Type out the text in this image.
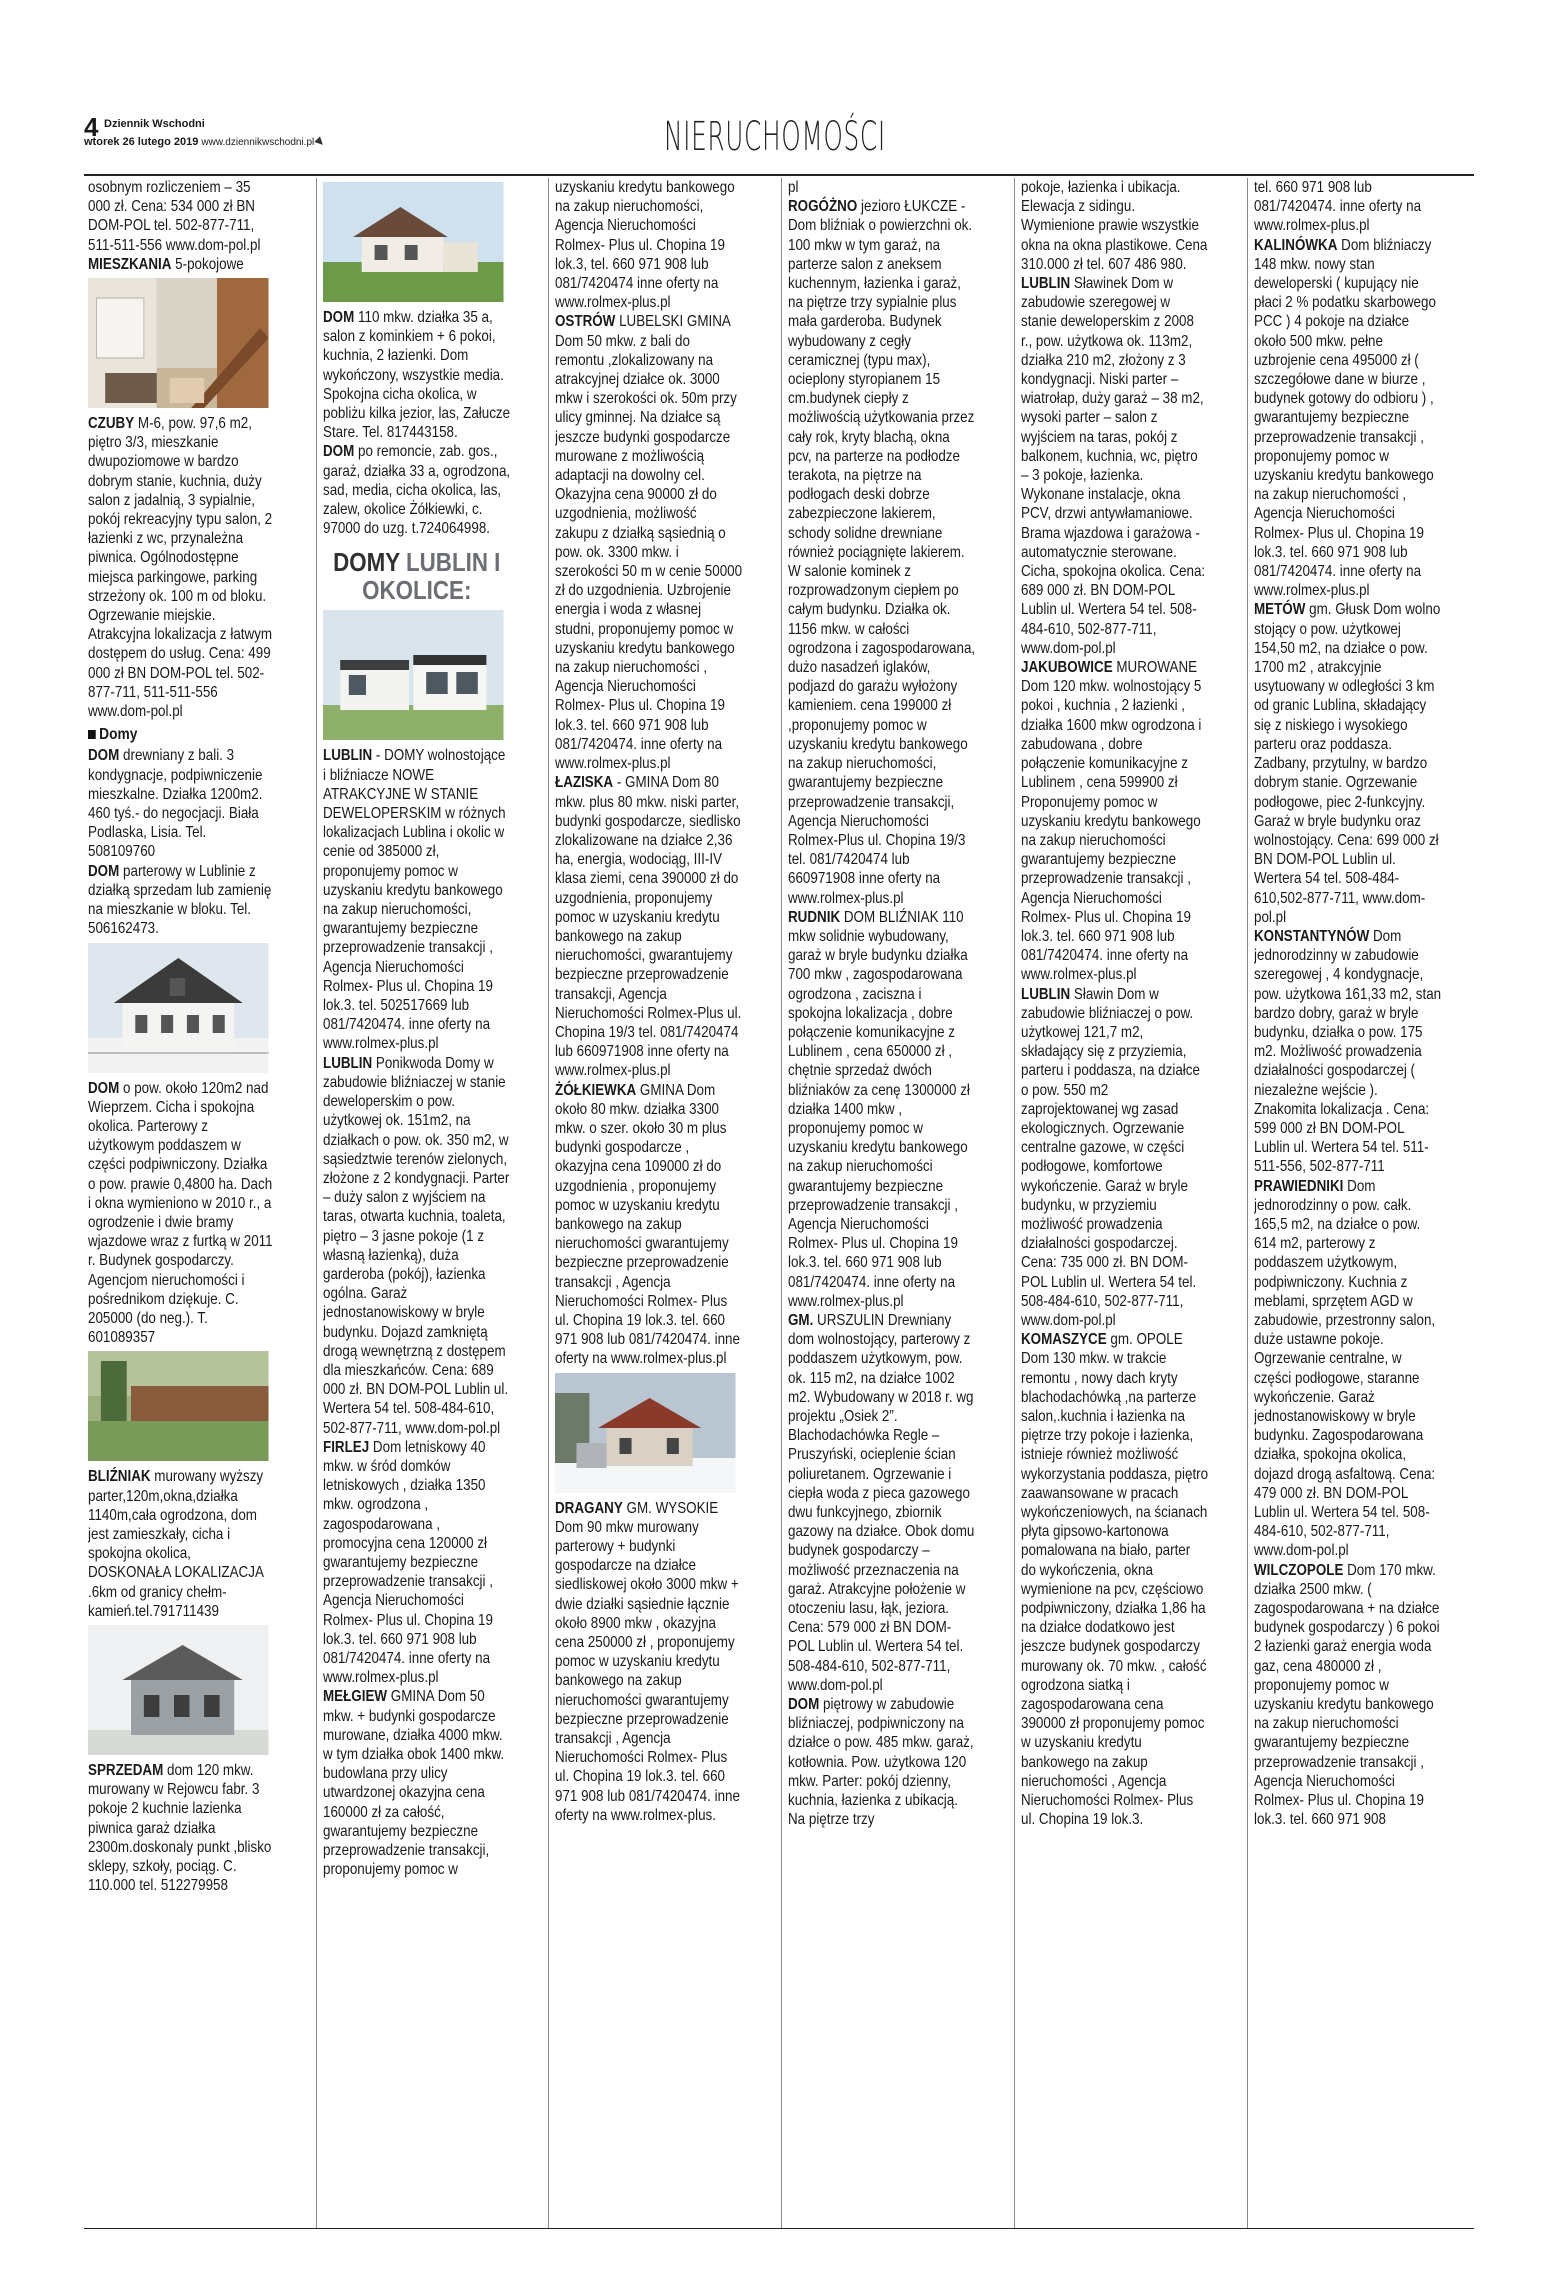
4 Dziennik Wschodni
wtorek 26 lutego 2019 www.dziennikwschodni.pl	NIERUCHOMOŚCI

osobnym rozliczeniem – 35 000 zł. Cena: 534 000 zł BN DOM-POL tel. 502-877-711, 511-511-556 www.dom-pol.pl

MIESZKANIA 5-pokojowe

CZUBY M-6, pow. 97,6 m2, piętro 3/3, mieszkanie dwupoziomowe w bardzo dobrym stanie, kuchnia, duży salon z jadalnią, 3 sypialnie, pokój rekreacyjny typu salon, 2 łazienki z wc, przynależna piwnica. Ogólnodostępne miejsca parkingowe, parking strzeżony ok. 100 m od bloku. Ogrzewanie miejskie. Atrakcyjna lokalizacja z łatwym dostępem do usług. Cena: 499 000 zł BN DOM-POL tel. 502-877-711, 511-511-556 www.dom-pol.pl

Domy

DOM drewniany z bali. 3 kondygnacje, podpiwniczenie mieszkalne. Działka 1200m2. 460 tyś.- do negocjacji. Biała Podlaska, Lisia. Tel. 508109760

DOM parterowy w Lublinie z działką sprzedam lub zamienię na mieszkanie w bloku. Tel. 506162473.

DOM o pow. około 120m2 nad Wieprzem. Cicha i spokojna okolica. Parterowy z użytkowym poddaszem w części podpiwniczony. Działka o pow. prawie 0,4800 ha. Dach i okna wymieniono w 2010 r., a ogrodzenie i dwie bramy wjazdowe wraz z furtką w 2011 r. Budynek gospodarczy. Agencjom nieruchomości i pośrednikom dziękuje. C. 205000 (do neg.). T. 601089357

BLIŹNIAK murowany wyższy parter,120m,okna,działka 1140m,cała ogrodzona, dom jest zamieszkały, cicha i spokojna okolica, DOSKONAŁA LOKALIZACJA .6km od granicy chełm-kamień.tel.791711439

SPRZEDAM dom 120 mkw. murowany w Rejowcu fabr. 3 pokoje 2 kuchnie lazienka piwnica garaż działka 2300m.doskonaly punkt ,blisko sklepy, szkoły, pociąg. C. 110.000 tel. 512279958

DOM 110 mkw. działka 35 a, salon z kominkiem + 6 pokoi, kuchnia, 2 łazienki. Dom wykończony, wszystkie media. Spokojna cicha okolica, w pobliżu kilka jezior, las, Załucze Stare. Tel. 817443158.

DOM po remoncie, zab. gos., garaż, działka 33 a, ogrodzona, sad, media, cicha okolica, las, zalew, okolice Żółkiewki, c. 97000 do uzg. t.724064998.

DOMY LUBLIN I OKOLICE:

LUBLIN - DOMY wolnostojące i bliźniacze NOWE ATRAKCYJNE W STANIE DEWELOPERSKIM w różnych lokalizacjach Lublina i okolic w cenie od 385000 zł, proponujemy pomoc w uzyskaniu kredytu bankowego na zakup nieruchomości, gwarantujemy bezpieczne przeprowadzenie transakcji , Agencja Nieruchomości Rolmex- Plus ul. Chopina 19 lok.3. tel. 502517669 lub 081/7420474. inne oferty na www.rolmex-plus.pl

LUBLIN Ponikwoda Domy w zabudowie bliźniaczej w stanie deweloperskim o pow. użytkowej ok. 151m2, na działkach o pow. ok. 350 m2, w sąsiedztwie terenów zielonych, złożone z 2 kondygnacji. Parter – duży salon z wyjściem na taras, otwarta kuchnia, toaleta, piętro – 3 jasne pokoje (1 z własną łazienką), duża garderoba (pokój), łazienka ogólna. Garaż jednostanowiskowy w bryle budynku. Dojazd zamkniętą drogą wewnętrzną z dostępem dla mieszkańców. Cena: 689 000 zł. BN DOM-POL Lublin ul. Wertera 54 tel. 508-484-610, 502-877-711, www.dom-pol.pl

FIRLEJ Dom letniskowy 40 mkw. w śród domków letniskowych , działka 1350 mkw. ogrodzona , zagospodarowana , promocyjna cena 120000 zł gwarantujemy bezpieczne przeprowadzenie transakcji , Agencja Nieruchomości Rolmex- Plus ul. Chopina 19 lok.3. tel. 660 971 908 lub 081/7420474. inne oferty na www.rolmex-plus.pl

MEŁGIEW GMINA Dom 50 mkw. + budynki gospodarcze murowane, działka 4000 mkw. w tym działka obok 1400 mkw. budowlana przy ulicy utwardzonej okazyjna cena 160000 zł za całość, gwarantujemy bezpieczne przeprowadzenie transakcji, proponujemy pomoc w

uzyskaniu kredytu bankowego na zakup nieruchomości, Agencja Nieruchomości Rolmex- Plus ul. Chopina 19 lok.3, tel. 660 971 908 lub 081/7420474 inne oferty na www.rolmex-plus.pl

OSTRÓW LUBELSKI GMINA Dom 50 mkw. z bali do remontu ,zlokalizowany na atrakcyjnej działce ok. 3000 mkw i szerokości ok. 50m przy ulicy gminnej. Na działce są jeszcze budynki gospodarcze murowane z możliwością adaptacji na dowolny cel. Okazyjna cena 90000 zł do uzgodnienia, możliwość zakupu z działką sąsiednią o pow. ok. 3300 mkw. i szerokości 50 m w cenie 50000 zł do uzgodnienia. Uzbrojenie energia i woda z własnej studni, proponujemy pomoc w uzyskaniu kredytu bankowego na zakup nieruchomości , Agencja Nieruchomości Rolmex- Plus ul. Chopina 19 lok.3. tel. 660 971 908 lub 081/7420474. inne oferty na www.rolmex-plus.pl

ŁAZISKA - GMINA Dom 80 mkw. plus 80 mkw. niski parter, budynki gospodarcze, siedlisko zlokalizowane na działce 2,36 ha, energia, wodociąg, III-IV klasa ziemi, cena 390000 zł do uzgodnienia, proponujemy pomoc w uzyskaniu kredytu bankowego na zakup nieruchomości, gwarantujemy bezpieczne przeprowadzenie transakcji, Agencja Nieruchomości Rolmex-Plus ul. Chopina 19/3 tel. 081/7420474 lub 660971908 inne oferty na www.rolmex-plus.pl

ŻÓŁKIEWKA GMINA Dom około 80 mkw. działka 3300 mkw. o szer. około 30 m plus budynki gospodarcze , okazyjna cena 109000 zł do uzgodnienia , proponujemy pomoc w uzyskaniu kredytu bankowego na zakup nieruchomości gwarantujemy bezpieczne przeprowadzenie transakcji , Agencja Nieruchomości Rolmex- Plus ul. Chopina 19 lok.3. tel. 660 971 908 lub 081/7420474. inne oferty na www.rolmex-plus.pl

DRAGANY GM. WYSOKIE Dom 90 mkw murowany parterowy + budynki gospodarcze na działce siedliskowej około 3000 mkw + dwie działki sąsiednie łącznie około 8900 mkw , okazyjna cena 250000 zł , proponujemy pomoc w uzyskaniu kredytu bankowego na zakup nieruchomości gwarantujemy bezpieczne przeprowadzenie transakcji , Agencja Nieruchomości Rolmex- Plus ul. Chopina 19 lok.3. tel. 660 971 908 lub 081/7420474. inne oferty na www.rolmex-plus.

pl

ROGÓŻNO jezioro ŁUKCZE - Dom bliźniak o powierzchni ok. 100 mkw w tym garaż, na parterze salon z aneksem kuchennym, łazienka i garaż, na piętrze trzy sypialnie plus mała garderoba. Budynek wybudowany z cegły ceramicznej (typu max), ocieplony styropianem 15 cm.budynek ciepły z możliwością użytkowania przez cały rok, kryty blachą, okna pcv, na parterze na podłodze terakota, na piętrze na podłogach deski dobrze zabezpieczone lakierem, schody solidne drewniane również pociągnięte lakierem. W salonie kominek z rozprowadzonym ciepłem po całym budynku. Działka ok. 1156 mkw. w całości ogrodzona i zagospodarowana, dużo nasadzeń iglaków, podjazd do garażu wyłożony kamieniem. cena 199000 zł ,proponujemy pomoc w uzyskaniu kredytu bankowego na zakup nieruchomości, gwarantujemy bezpieczne przeprowadzenie transakcji, Agencja Nieruchomości Rolmex-Plus ul. Chopina 19/3 tel. 081/7420474 lub 660971908 inne oferty na www.rolmex-plus.pl

RUDNIK DOM BLIŹNIAK 110 mkw solidnie wybudowany, garaż w bryle budynku działka 700 mkw , zagospodarowana ogrodzona , zaciszna i spokojna lokalizacja , dobre połączenie komunikacyjne z Lublinem , cena 650000 zł , chętnie sprzedaż dwóch bliźniaków za cenę 1300000 zł działka 1400 mkw , proponujemy pomoc w uzyskaniu kredytu bankowego na zakup nieruchomości gwarantujemy bezpieczne przeprowadzenie transakcji , Agencja Nieruchomości Rolmex- Plus ul. Chopina 19 lok.3. tel. 660 971 908 lub 081/7420474. inne oferty na www.rolmex-plus.pl

GM. URSZULIN Drewniany dom wolnostojący, parterowy z poddaszem użytkowym, pow. ok. 115 m2, na działce 1002 m2. Wybudowany w 2018 r. wg projektu „Osiek 2”. Blachodachówka Regle – Pruszyński, ocieplenie ścian poliuretanem. Ogrzewanie i ciepła woda z pieca gazowego dwu funkcyjnego, zbiornik gazowy na działce. Obok domu budynek gospodarczy – możliwość przeznaczenia na garaż. Atrakcyjne położenie w otoczeniu lasu, łąk, jeziora. Cena: 579 000 zł BN DOM-POL Lublin ul. Wertera 54 tel. 508-484-610, 502-877-711, www.dom-pol.pl

DOM piętrowy w zabudowie bliźniaczej, podpiwniczony na działce o pow. 485 mkw. garaż, kotłownia. Pow. użytkowa 120 mkw. Parter: pokój dzienny, kuchnia, łazienka z ubikacją. Na piętrze trzy

pokoje, łazienka i ubikacja. Elewacja z sidingu. Wymienione prawie wszystkie okna na okna plastikowe. Cena 310.000 zł tel. 607 486 980.

LUBLIN Sławinek Dom w zabudowie szeregowej w stanie deweloperskim z 2008 r., pow. użytkowa ok. 113m2, działka 210 m2, złożony z 3 kondygnacji. Niski parter – wiatrołap, duży garaż – 38 m2, wysoki parter – salon z wyjściem na taras, pokój z balkonem, kuchnia, wc, piętro – 3 pokoje, łazienka. Wykonane instalacje, okna PCV, drzwi antywłamaniowe. Brama wjazdowa i garażowa - automatycznie sterowane. Cicha, spokojna okolica. Cena: 689 000 zł. BN DOM-POL Lublin ul. Wertera 54 tel. 508-484-610, 502-877-711, www.dom-pol.pl

JAKUBOWICE MUROWANE Dom 120 mkw. wolnostojący 5 pokoi , kuchnia , 2 łazienki , działka 1600 mkw ogrodzona i zabudowana , dobre połączenie komunikacyjne z Lublinem , cena 599900 zł Proponujemy pomoc w uzyskaniu kredytu bankowego na zakup nieruchomości gwarantujemy bezpieczne przeprowadzenie transakcji , Agencja Nieruchomości Rolmex- Plus ul. Chopina 19 lok.3. tel. 660 971 908 lub 081/7420474. inne oferty na www.rolmex-plus.pl

LUBLIN Sławin Dom w zabudowie bliźniaczej o pow. użytkowej 121,7 m2, składający się z przyziemia, parteru i poddasza, na działce o pow. 550 m2 zaprojektowanej wg zasad ekologicznych. Ogrzewanie centralne gazowe, w części podłogowe, komfortowe wykończenie. Garaż w bryle budynku, w przyziemiu możliwość prowadzenia działalności gospodarczej. Cena: 735 000 zł. BN DOM-POL Lublin ul. Wertera 54 tel. 508-484-610, 502-877-711, www.dom-pol.pl

KOMASZYCE gm. OPOLE Dom 130 mkw. w trakcie remontu , nowy dach kryty blachodachówką ,na parterze salon,.kuchnia i łazienka na piętrze trzy pokoje i łazienka, istnieje również możliwość wykorzystania poddasza, piętro zaawansowane w pracach wykończeniowych, na ścianach płyta gipsowo-kartonowa pomalowana na biało, parter do wykończenia, okna wymienione na pcv, częściowo podpiwniczony, działka 1,86 ha na działce dodatkowo jest jeszcze budynek gospodarczy murowany ok. 70 mkw. , całość ogrodzona siatką i zagospodarowana cena 390000 zł proponujemy pomoc w uzyskaniu kredytu bankowego na zakup nieruchomości , Agencja Nieruchomości Rolmex- Plus ul. Chopina 19 lok.3.

tel. 660 971 908 lub 081/7420474. inne oferty na www.rolmex-plus.pl

KALINÓWKA Dom bliźniaczy 148 mkw. nowy stan deweloperski ( kupujący nie płaci 2 % podatku skarbowego PCC ) 4 pokoje na działce około 500 mkw. pełne uzbrojenie cena 495000 zł ( szczegółowe dane w biurze , budynek gotowy do odbioru ) , gwarantujemy bezpieczne przeprowadzenie transakcji , proponujemy pomoc w uzyskaniu kredytu bankowego na zakup nieruchomości , Agencja Nieruchomości Rolmex- Plus ul. Chopina 19 lok.3. tel. 660 971 908 lub 081/7420474. inne oferty na www.rolmex-plus.pl

METÓW gm. Głusk Dom wolno stojący o pow. użytkowej 154,50 m2, na działce o pow. 1700 m2 , atrakcyjnie usytuowany w odległości 3 km od granic Lublina, składający się z niskiego i wysokiego parteru oraz poddasza. Zadbany, przytulny, w bardzo dobrym stanie. Ogrzewanie podłogowe, piec 2-funkcyjny. Garaż w bryle budynku oraz wolnostojący. Cena: 699 000 zł BN DOM-POL Lublin ul. Wertera 54 tel. 508-484-610,502-877-711, www.dom-pol.pl

KONSTANTYNÓW Dom jednorodzinny w zabudowie szeregowej , 4 kondygnacje, pow. użytkowa 161,33 m2, stan bardzo dobry, garaż w bryle budynku, działka o pow. 175 m2. Możliwość prowadzenia działalności gospodarczej ( niezależne wejście ). Znakomita lokalizacja . Cena: 599 000 zł BN DOM-POL Lublin ul. Wertera 54 tel. 511-511-556, 502-877-711

PRAWIEDNIKI Dom jednorodzinny o pow. całk. 165,5 m2, na działce o pow. 614 m2, parterowy z poddaszem użytkowym, podpiwniczony. Kuchnia z meblami, sprzętem AGD w zabudowie, przestronny salon, duże ustawne pokoje. Ogrzewanie centralne, w części podłogowe, staranne wykończenie. Garaż jednostanowiskowy w bryle budynku. Zagospodarowana działka, spokojna okolica, dojazd drogą asfaltową. Cena: 479 000 zł. BN DOM-POL Lublin ul. Wertera 54 tel. 508-484-610, 502-877-711, www.dom-pol.pl

WILCZOPOLE Dom 170 mkw. działka 2500 mkw. ( zagospodarowana + na działce budynek gospodarczy ) 6 pokoi 2 łazienki garaż energia woda gaz, cena 480000 zł , proponujemy pomoc w uzyskaniu kredytu bankowego na zakup nieruchomości gwarantujemy bezpieczne przeprowadzenie transakcji , Agencja Nieruchomości Rolmex- Plus ul. Chopina 19 lok.3. tel. 660 971 908
